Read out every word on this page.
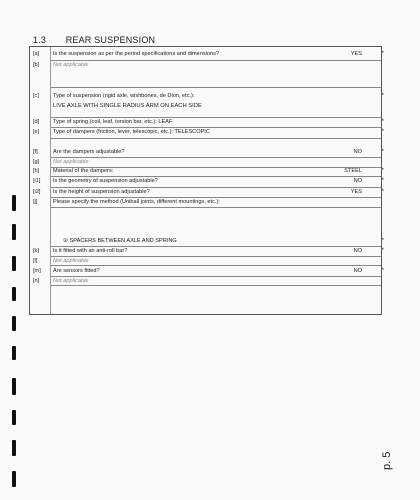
1.3 REAR SUSPENSION
[a] Is the suspension as per the period specifications and dimensions?	YES	*
[b] Not applicable
[c]	Type of suspension (rigid axle, wishbones, de Dion, etc.):	*
LIVE AXLE WITH SINGLE RADIUS ARM ON EACH SIDE
[d] Type of spring (coil, leaf, torsion bar, etc.): LEAF	*
[e] Type of dampers (friction, lever, telescopic, etc.): TELESCOPIC	*
[f]	Are the dampers adjustable?	NO	*
[g] Not applicable
[h] Material of the dampers:	STEEL	*
[i1] Is the geometry of suspension adjustable?	NO	*
[i2] Is the height of suspension adjustable?	YES	*
[j]	Please specify the method (Uniball joints, different mountings, etc.):
② SPACERS BETWEEN AXLE AND SPRING	*
[k]	Is it fitted with an anti-roll bar?	NO	*
[l]	Not applicable
[m] Are sensors fitted?	NO	*
[n] Not applicable
p. 5
